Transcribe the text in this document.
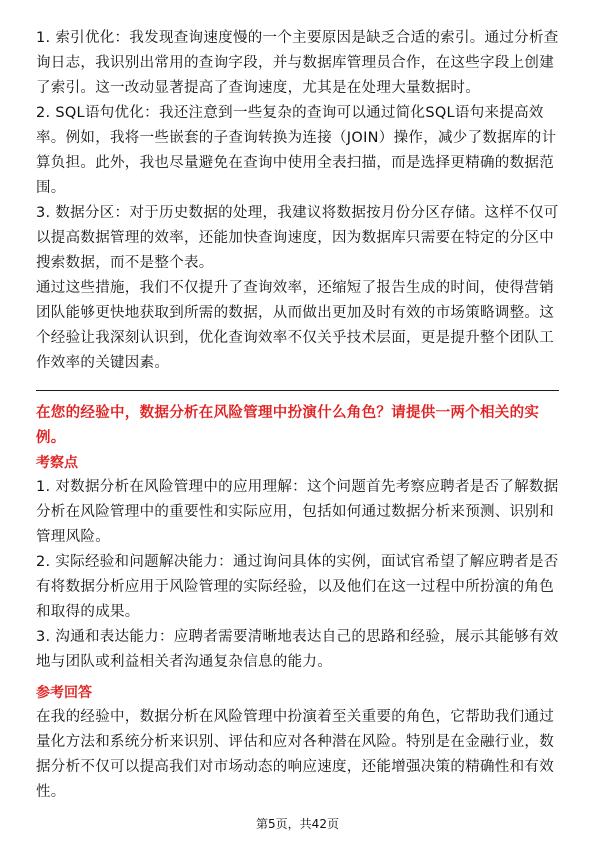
1. 索引优化：我发现查询速度慢的一个主要原因是缺乏合适的索引。通过分析查询日志，我识别出常用的查询字段，并与数据库管理员合作，在这些字段上创建了索引。这一改动显著提高了查询速度，尤其是在处理大量数据时。

2. SQL语句优化：我还注意到一些复杂的查询可以通过简化SQL语句来提高效率。例如，我将一些嵌套的子查询转换为连接（JOIN）操作，减少了数据库的计算负担。此外，我也尽量避免在查询中使用全表扫描，而是选择更精确的数据范围。

3. 数据分区：对于历史数据的处理，我建议将数据按月份分区存储。这样不仅可以提高数据管理的效率，还能加快查询速度，因为数据库只需要在特定的分区中搜索数据，而不是整个表。

通过这些措施，我们不仅提升了查询效率，还缩短了报告生成的时间，使得营销团队能够更快地获取到所需的数据，从而做出更加及时有效的市场策略调整。这个经验让我深刻认识到，优化查询效率不仅关乎技术层面，更是提升整个团队工作效率的关键因素。

在您的经验中，数据分析在风险管理中扮演什么角色？请提供一两个相关的实例。

考察点

1. 对数据分析在风险管理中的应用理解：这个问题首先考察应聘者是否了解数据分析在风险管理中的重要性和实际应用，包括如何通过数据分析来预测、识别和管理风险。

2. 实际经验和问题解决能力：通过询问具体的实例，面试官希望了解应聘者是否有将数据分析应用于风险管理的实际经验，以及他们在这一过程中所扮演的角色和取得的成果。

3. 沟通和表达能力：应聘者需要清晰地表达自己的思路和经验，展示其能够有效地与团队或利益相关者沟通复杂信息的能力。

参考回答

在我的经验中，数据分析在风险管理中扮演着至关重要的角色，它帮助我们通过量化方法和系统分析来识别、评估和应对各种潜在风险。特别是在金融行业，数据分析不仅可以提高我们对市场动态的响应速度，还能增强决策的精确性和有效性。

第5页，共42页
